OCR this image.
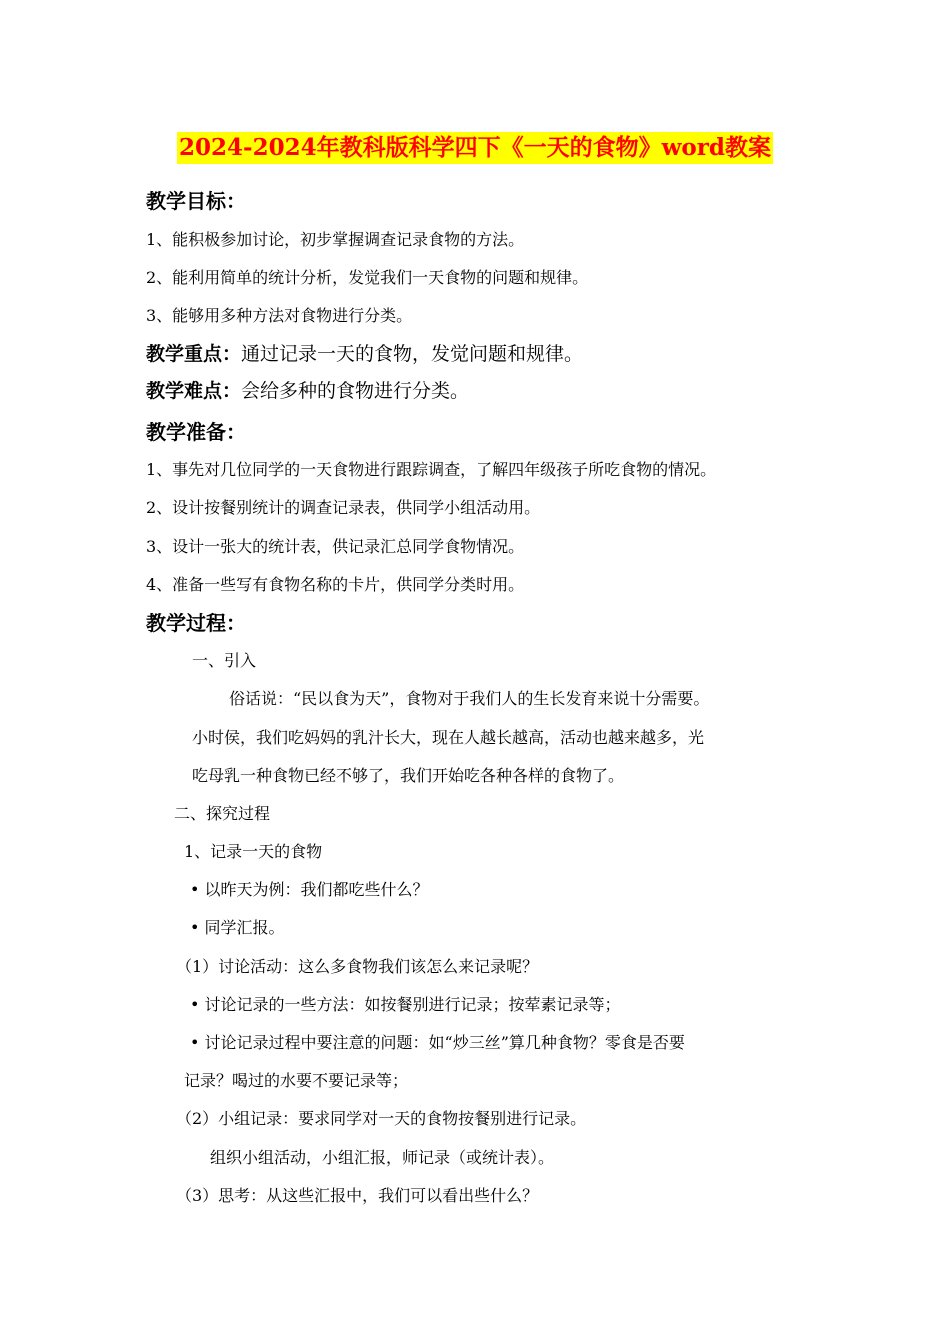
2024-2024年教科版科学四下《一天的食物》word教案
教学目标：
1、能积极参加讨论，初步掌握调查记录食物的方法。
2、能利用简单的统计分析，发觉我们一天食物的问题和规律。
3、能够用多种方法对食物进行分类。
教学重点：通过记录一天的食物，发觉问题和规律。
教学难点：会给多种的食物进行分类。
教学准备：
1、事先对几位同学的一天食物进行跟踪调查，了解四年级孩子所吃食物的情况。
2、设计按餐别统计的调查记录表，供同学小组活动用。
3、设计一张大的统计表，供记录汇总同学食物情况。
4、准备一些写有食物名称的卡片，供同学分类时用。
教学过程：
一、引入
俗话说：“民以食为天”，食物对于我们人的生长发育来说十分需要。
小时侯，我们吃妈妈的乳汁长大，现在人越长越高，活动也越来越多，光
吃母乳一种食物已经不够了，我们开始吃各种各样的食物了。
二、探究过程
1、记录一天的食物
• 以昨天为例：我们都吃些什么？
• 同学汇报。
（1）讨论活动：这么多食物我们该怎么来记录呢？
• 讨论记录的一些方法：如按餐别进行记录；按荤素记录等；
• 讨论记录过程中要注意的问题：如“炒三丝”算几种食物？零食是否要
记录？喝过的水要不要记录等；
（2）小组记录：要求同学对一天的食物按餐别进行记录。
组织小组活动，小组汇报，师记录（或统计表）。
（3）思考：从这些汇报中，我们可以看出些什么？
